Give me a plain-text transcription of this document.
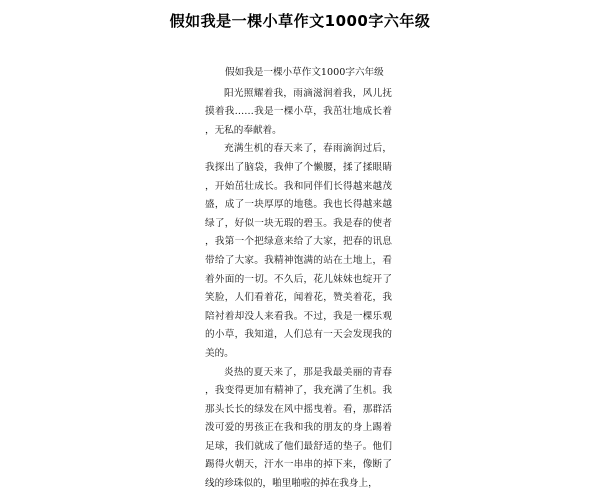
假如我是一棵小草作文1000字六年级
假如我是一棵小草作文1000字六年级

阳光照耀着我，雨滴滋润着我，风儿抚摸着我……我是一棵小草，我茁壮地成长着，无私的奉献着。

充满生机的春天来了，春雨滴润过后，我探出了脑袋，我伸了个懒腰，揉了揉眼睛，开始茁壮成长。我和同伴们长得越来越茂盛，成了一块厚厚的地毯。我也长得越来越绿了，好似一块无瑕的碧玉。我是春的使者，我第一个把绿意来给了大家，把春的讯息带给了大家。我精神饱满的站在土地上，看着外面的一切。不久后，花儿妹妹也绽开了笑脸，人们看着花，闻着花，赞美着花，我陪衬着却没人来看我。不过，我是一棵乐观的小草，我知道，人们总有一天会发现我的美的。

炎热的夏天来了，那是我最美丽的青春，我变得更加有精神了，我充满了生机。我那头长长的绿发在风中摇曳着。看，那群活泼可爱的男孩正在我和我的朋友的身上踢着足球，我们就成了他们最舒适的垫子。他们踢得火朝天，汗水一串串的掉下来，像断了线的珍珠似的，啪里啪啦的掉在我身上，
